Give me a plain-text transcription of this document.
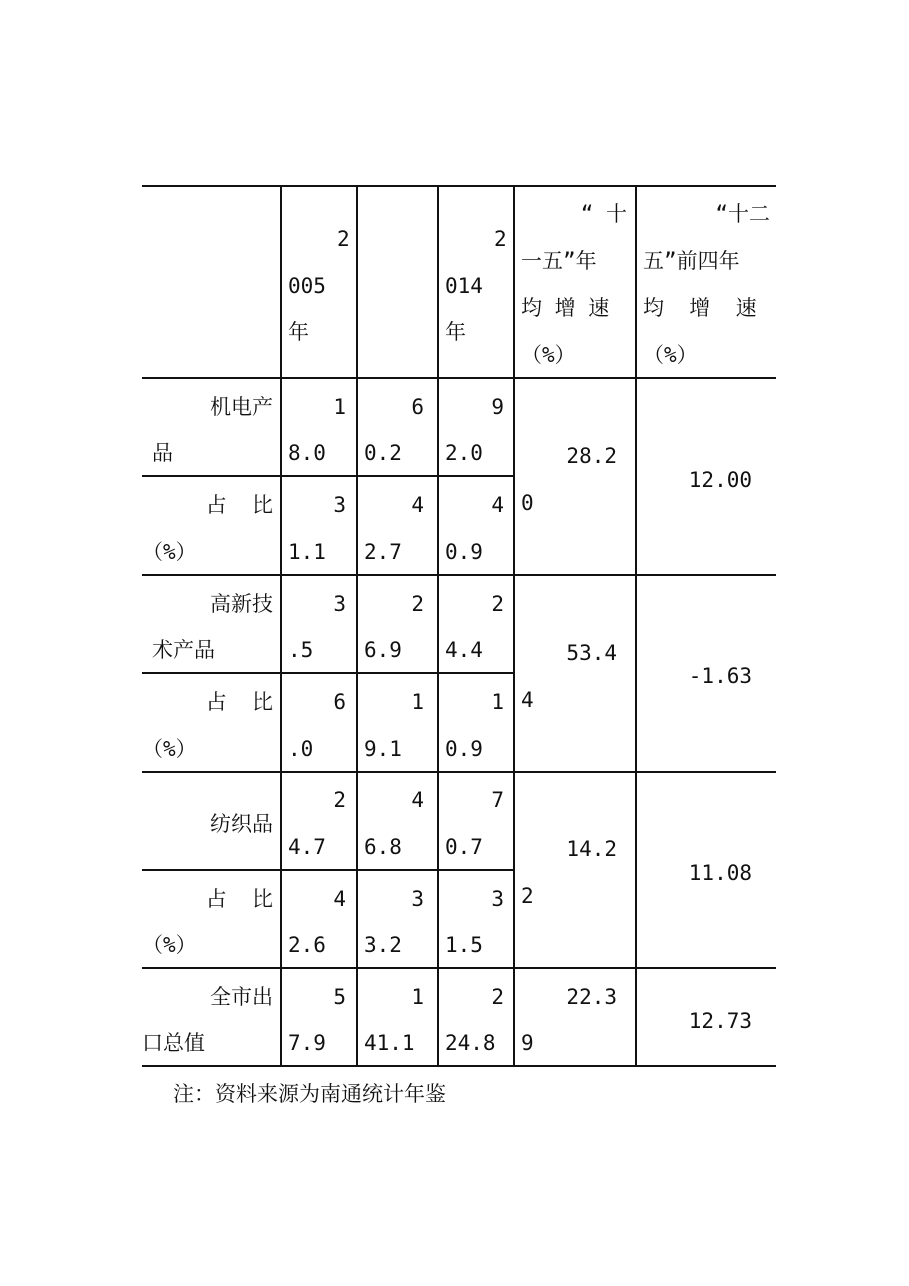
2
005
年
2
014
年
“ 十
一五”年
均 增 速
（%）
“十二
五”前四年
均  增  速
（%）
机电产
品
1
8.0
6
0.2
9
2.0
占  比
（%）
3
1.1
4
2.7
4
0.9
28.2
0
12.00
高新技
术产品
3
.5
2
6.9
2
4.4
占  比
（%）
6
.0
1
9.1
1
0.9
53.4
4
-1.63
纺织品
2
4.7
4
6.8
7
0.7
占  比
（%）
4
2.6
3
3.2
3
1.5
14.2
2
11.08
全市出
口总值
5
7.9
1
41.1
2
24.8
22.3
9
12.73
注：资料来源为南通统计年鉴
